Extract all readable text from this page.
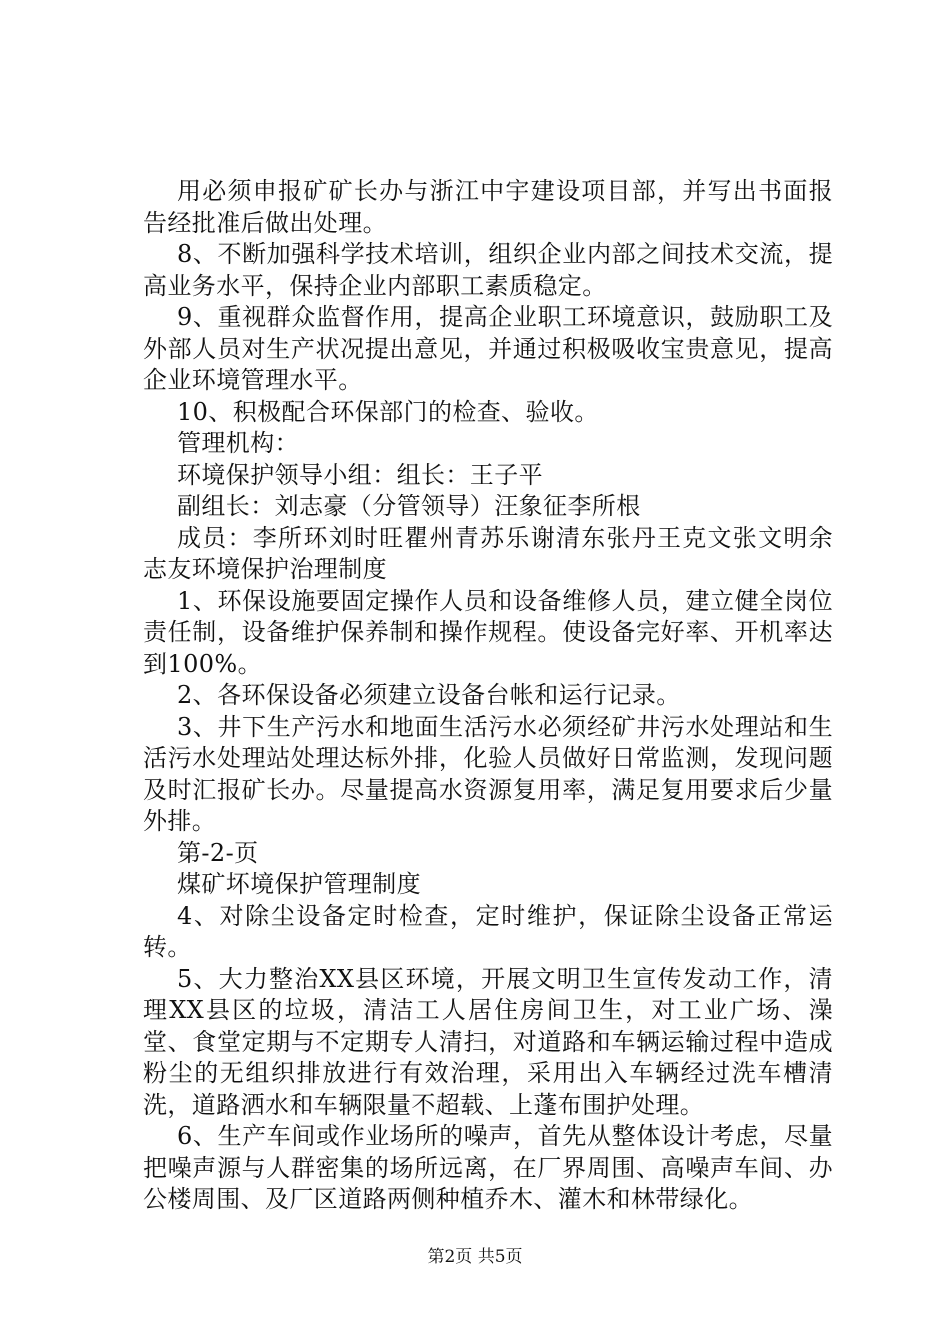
用必须申报矿矿长办与浙江中宇建设项目部，并写出书面报告经批准后做出处理。

8、不断加强科学技术培训，组织企业内部之间技术交流，提高业务水平，保持企业内部职工素质稳定。

9、重视群众监督作用，提高企业职工环境意识，鼓励职工及外部人员对生产状况提出意见，并通过积极吸收宝贵意见，提高企业环境管理水平。

10、积极配合环保部门的检查、验收。

管理机构：

环境保护领导小组：组长：王子平

副组长：刘志豪（分管领导）汪象征李所根

成员：李所环刘时旺瞿州青苏乐谢清东张丹王克文张文明余志友环境保护治理制度

1、环保设施要固定操作人员和设备维修人员，建立健全岗位责任制，设备维护保养制和操作规程。使设备完好率、开机率达到100%。

2、各环保设备必须建立设备台帐和运行记录。

3、井下生产污水和地面生活污水必须经矿井污水处理站和生活污水处理站处理达标外排，化验人员做好日常监测，发现问题及时汇报矿长办。尽量提高水资源复用率，满足复用要求后少量外排。

第-2-页

煤矿坏境保护管理制度

4、对除尘设备定时检查，定时维护，保证除尘设备正常运转。

5、大力整治XX县区环境，开展文明卫生宣传发动工作，清理XX县区的垃圾，清洁工人居住房间卫生，对工业广场、澡堂、食堂定期与不定期专人清扫，对道路和车辆运输过程中造成粉尘的无组织排放进行有效治理，采用出入车辆经过洗车槽清洗，道路洒水和车辆限量不超载、上蓬布围护处理。

6、生产车间或作业场所的噪声，首先从整体设计考虑，尽量把噪声源与人群密集的场所远离，在厂界周围、高噪声车间、办公楼周围、及厂区道路两侧种植乔木、灌木和林带绿化。

第2页 共5页
